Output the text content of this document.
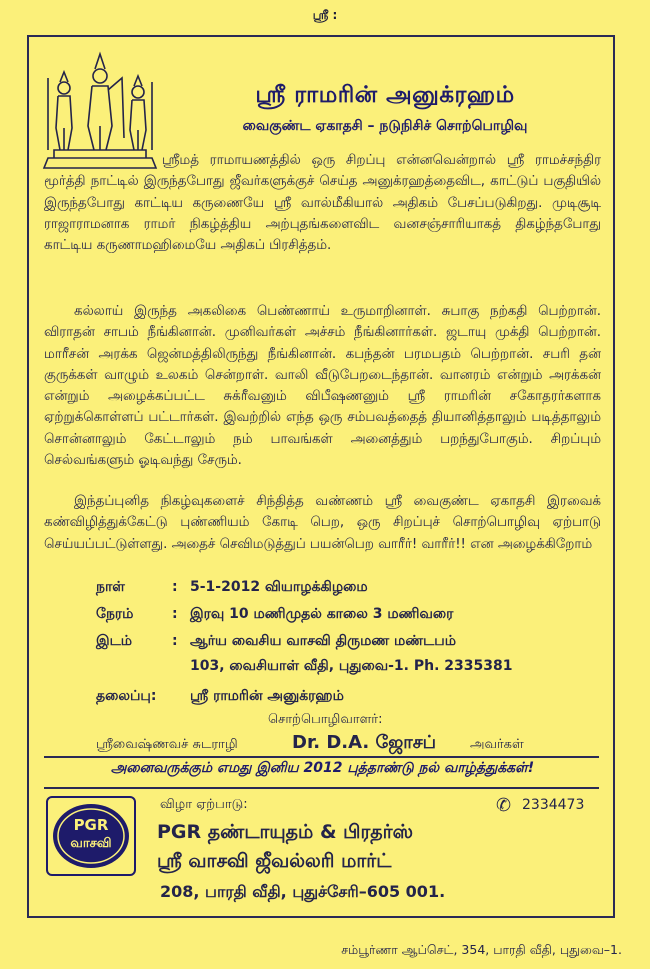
ஸ்ரீ :
ஸ்ரீ ராமரின் அனுக்ரஹம்
வைகுண்ட ஏகாதசி – நடுநிசிச் சொற்பொழிவு
ஸ்ரீமத் ராமாயணத்தில் ஒரு சிறப்பு என்னவென்றால் ஸ்ரீ ராமச்சந்திர மூர்த்தி நாட்டில் இருந்தபோது ஜீவர்களுக்குச் செய்த அனுக்ரஹத்தைவிட, காட்டுப் பகுதியில் இருந்தபோது காட்டிய கருணையே ஸ்ரீ வால்மீகியால் அதிகம் பேசப்படுகிறது. முடிசூடி ராஜாராமனாக ராமர் நிகழ்த்திய அற்புதங்களைவிட வனசஞ்சாரியாகத் திகழ்ந்தபோது காட்டிய கருணாமஹிமையே அதிகப் பிரசித்தம்.
கல்லாய் இருந்த அகலிகை பெண்ணாய் உருமாறினாள். சுபாகு நற்கதி பெற்றான். விராதன் சாபம் நீங்கினான். முனிவர்கள் அச்சம் நீங்கினார்கள். ஜடாயு முக்தி பெற்றான். மாரீசன் அரக்க ஜென்மத்திலிருந்து நீங்கினான். கபந்தன் பரமபதம் பெற்றான். சபரி தன் குருக்கள் வாழும் உலகம் சென்றாள். வாலி வீடுபேறடைந்தான். வானரம் என்றும் அரக்கன் என்றும் அழைக்கப்பட்ட சுக்ரீவனும் விபீஷணனும் ஸ்ரீ ராமரின் சகோதரர்களாக ஏற்றுக்கொள்ளப் பட்டார்கள். இவற்றில் எந்த ஒரு சம்பவத்தைத் தியானித்தாலும் படித்தாலும் சொன்னாலும் கேட்டாலும் நம் பாவங்கள் அனைத்தும் பறந்துபோகும். சிறப்பும் செல்வங்களும் ஓடிவந்து சேரும்.
இந்தப்புனித நிகழ்வுகளைச் சிந்தித்த வண்ணம் ஸ்ரீ வைகுண்ட ஏகாதசி இரவைக் கண்விழித்துக்கேட்டு புண்ணியம் கோடி பெற, ஒரு சிறப்புச் சொற்பொழிவு ஏற்பாடு செய்யப்பட்டுள்ளது. அதைச் செவிமடுத்துப் பயன்பெற வாரீர்! வாரீர்!! என அழைக்கிறோம்
நாள்	: 5-1-2012 வியாழக்கிழமை
நேரம்	: இரவு 10 மணிமுதல் காலை 3 மணிவரை
இடம்	: ஆர்ய வைசிய வாசவி திருமண மண்டபம்
103, வைசியாள் வீதி, புதுவை-1. Ph. 2335381
தலைப்பு: ஸ்ரீ ராமரின் அனுக்ரஹம்
சொற்பொழிவாளர்:
ஸ்ரீவைஷ்ணவச் சுடராழி	Dr. D.A. ஜோசப்	அவர்கள்
அனைவருக்கும் எமது இனிய 2012 புத்தாண்டு நல் வாழ்த்துக்கள்!
PGR
வாசவி
விழா ஏற்பாடு:	✆ 2334473
PGR தண்டாயுதம் & பிரதர்ஸ்
ஸ்ரீ வாசவி ஜீவல்லரி மார்ட்
208, பாரதி வீதி, புதுச்சேரி–605 001.
சம்பூர்ணா ஆப்செட், 354, பாரதி வீதி, புதுவை–1.
